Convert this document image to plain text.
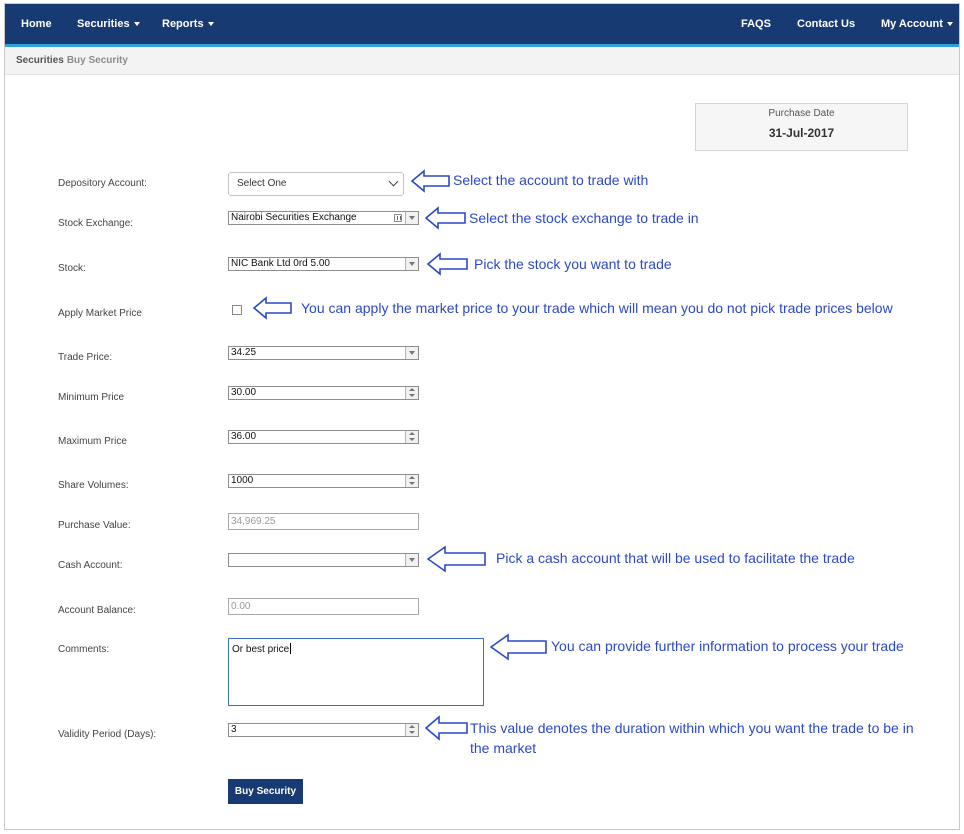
Home Securities	Reports	FAQS Contact Us My Account
Securities Buy Security
Purchase Date
31-Jul-2017
Depository Account:	Select One
Stock Exchange:
Nairobi Securities Exchange
Stock:	NIC Bank Ltd 0rd 5.00
Apply Market Price
Trade Price:	34.25
Minimum Price	30.00
Maximum Price	36.00
Share Volumes:	1000
Purchase Value:	34,969.25
Cash Account:
Account Balance:	0.00
Comments:	Or best price
Validity Period (Days):	3
Buy Security
Select the account to trade with
Select the stock exchange to trade in
Pick the stock you want to trade
You can apply the market price to your trade which will mean you do not pick trade prices below
Pick a cash account that will be used to facilitate the trade
You can provide further information to process your trade
This value denotes the duration within which you want the trade to be in
the market
